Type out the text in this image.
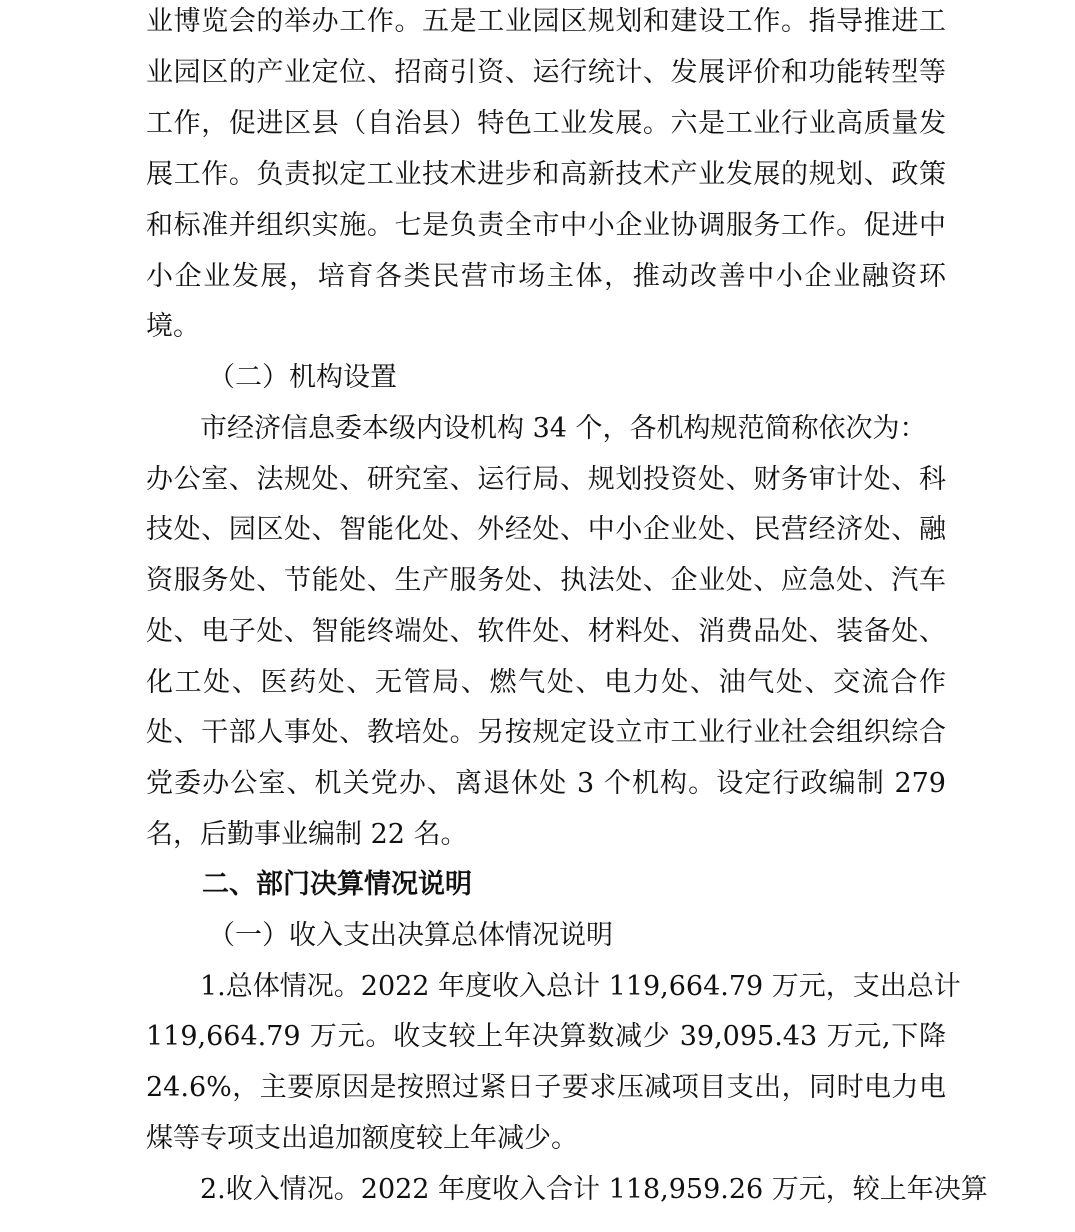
业博览会的举办工作。五是工业园区规划和建设工作。指导推进工
业园区的产业定位、招商引资、运行统计、发展评价和功能转型等
工作，促进区县（自治县）特色工业发展。六是工业行业高质量发
展工作。负责拟定工业技术进步和高新技术产业发展的规划、政策
和标准并组织实施。七是负责全市中小企业协调服务工作。促进中
小企业发展，培育各类民营市场主体，推动改善中小企业融资环
境。
（二）机构设置
市经济信息委本级内设机构 34 个，各机构规范简称依次为：
办公室、法规处、研究室、运行局、规划投资处、财务审计处、科
技处、园区处、智能化处、外经处、中小企业处、民营经济处、融
资服务处、节能处、生产服务处、执法处、企业处、应急处、汽车
处、电子处、智能终端处、软件处、材料处、消费品处、装备处、
化工处、医药处、无管局、燃气处、电力处、油气处、交流合作
处、干部人事处、教培处。另按规定设立市工业行业社会组织综合
党委办公室、机关党办、离退休处 3 个机构。设定行政编制 279
名，后勤事业编制 22 名。
二、部门决算情况说明
（一）收入支出决算总体情况说明
1.总体情况。2022 年度收入总计 119,664.79 万元，支出总计
119,664.79 万元。收支较上年决算数减少 39,095.43 万元,下降
24.6%，主要原因是按照过紧日子要求压减项目支出，同时电力电
煤等专项支出追加额度较上年减少。
2.收入情况。2022 年度收入合计 118,959.26 万元，较上年决算
